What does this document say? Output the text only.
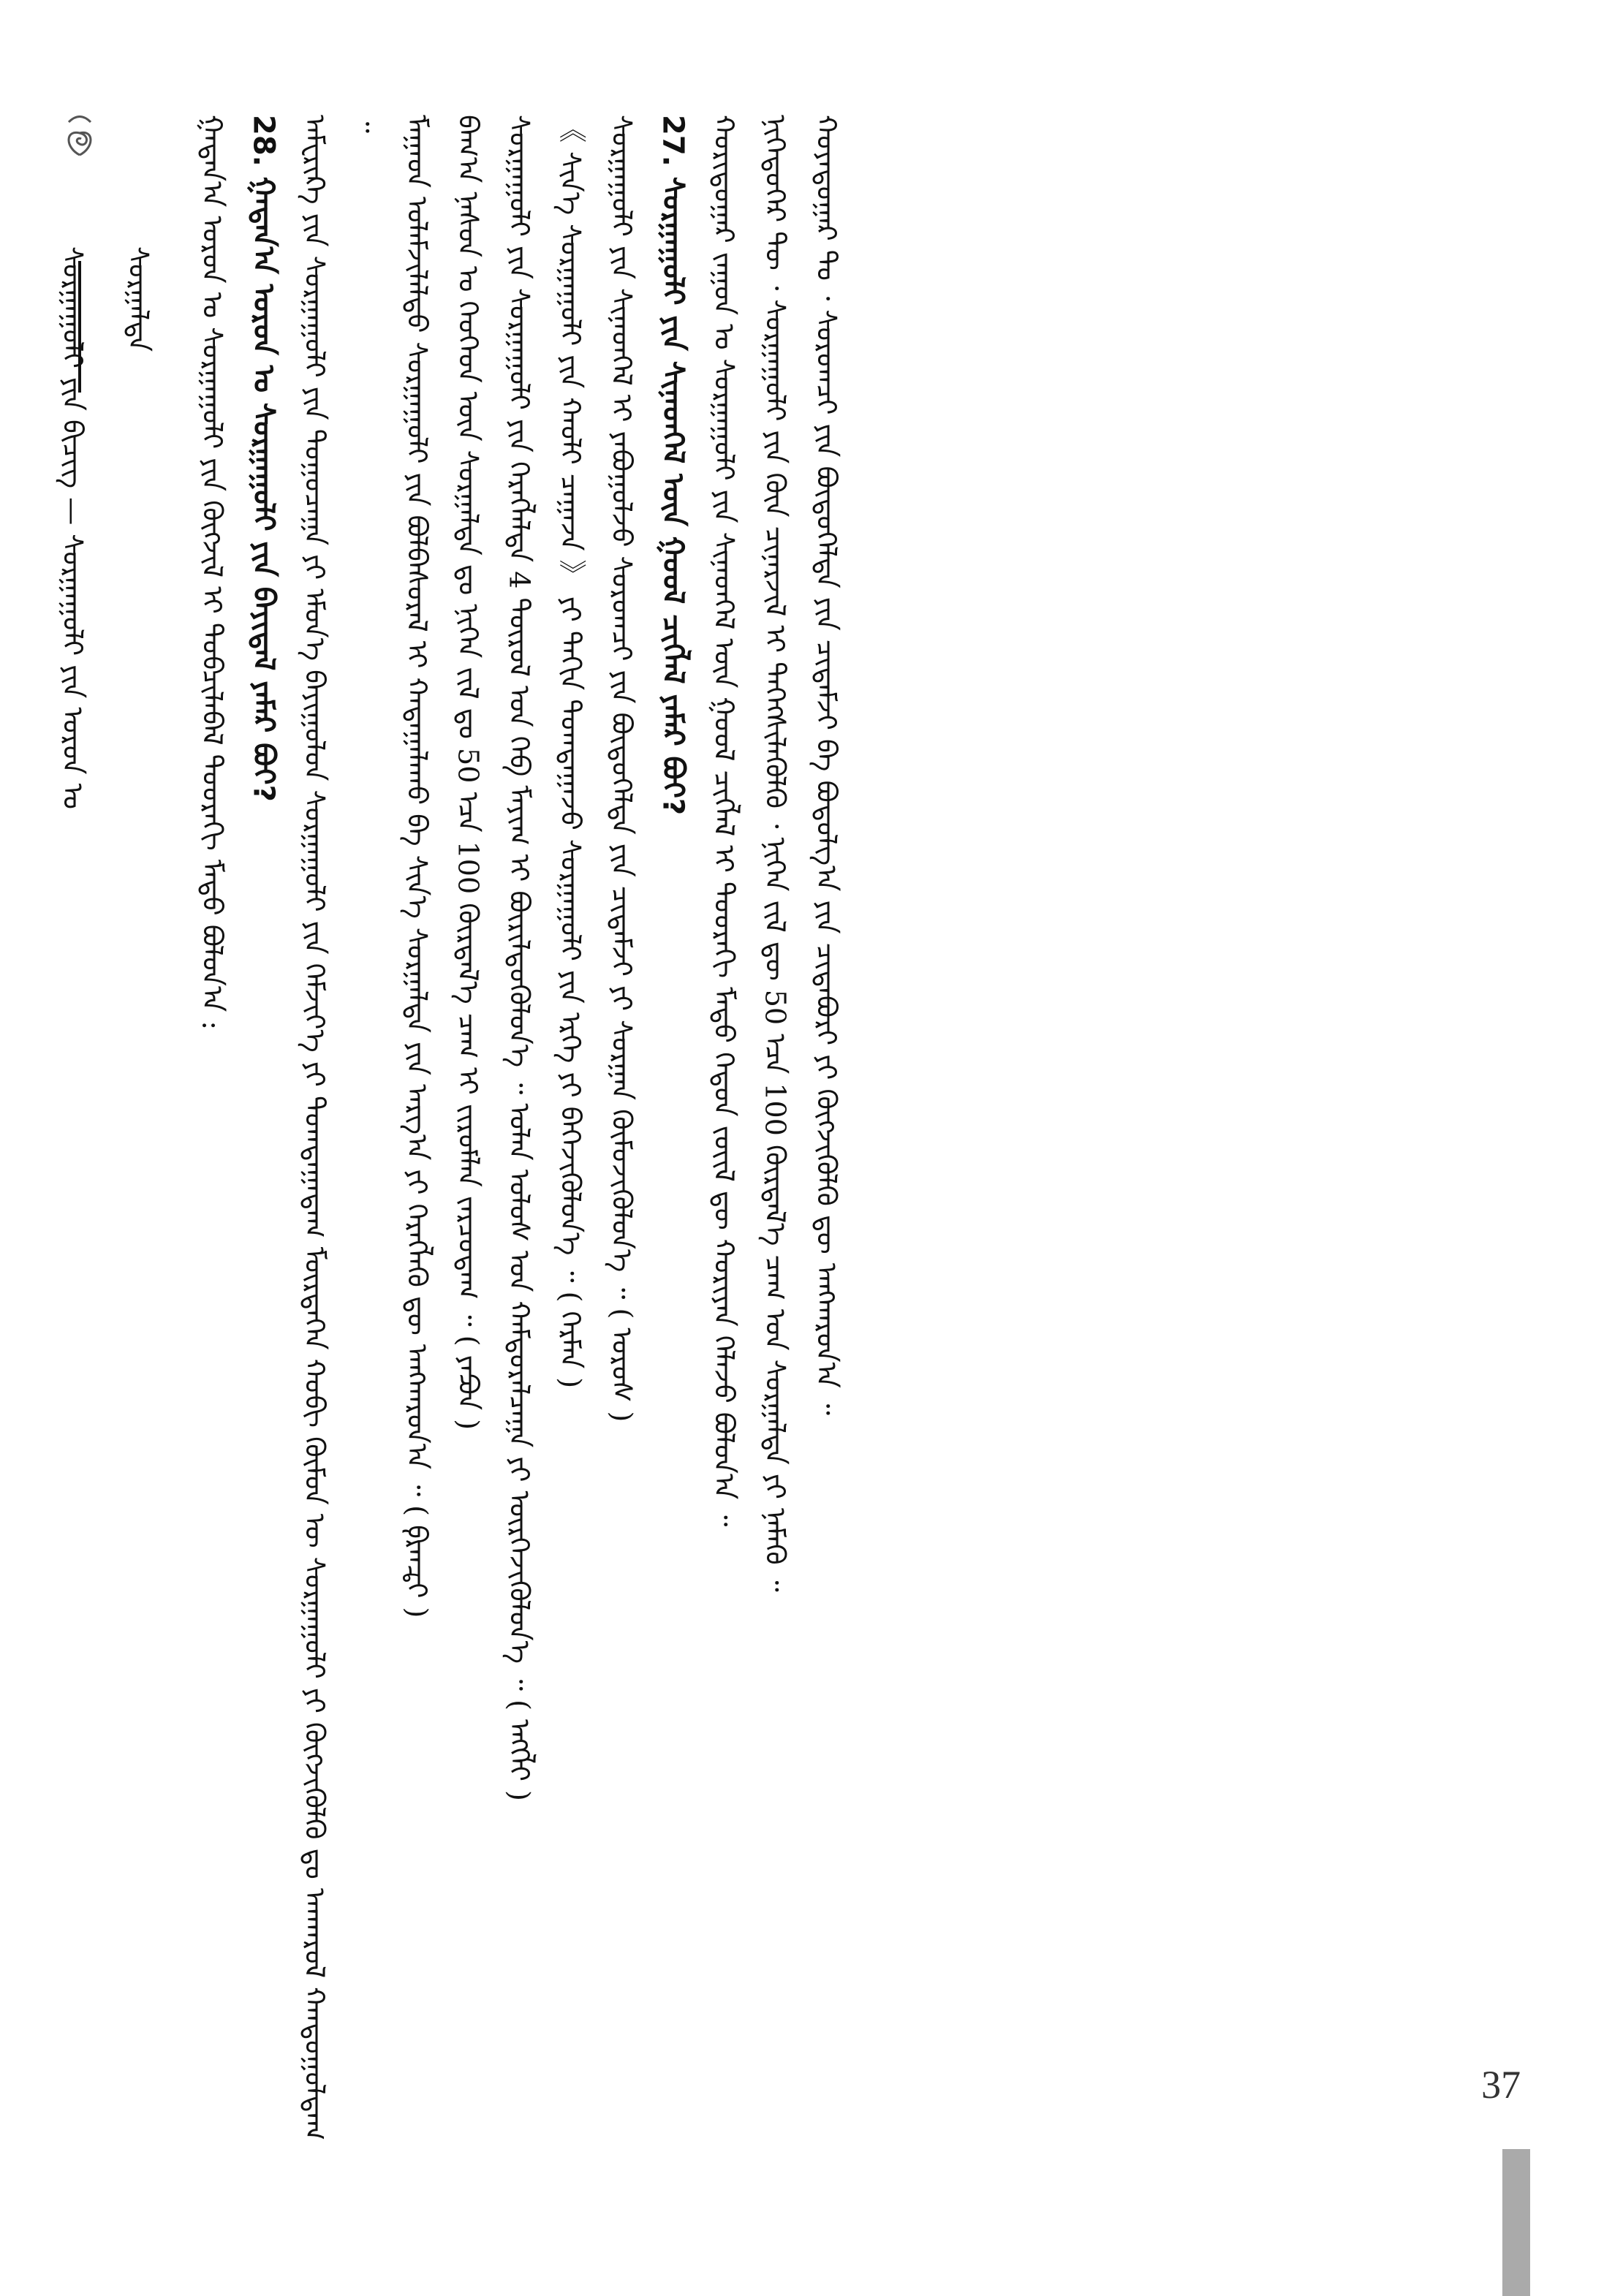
ᠰᠤᠷᠭᠠᠭᠤᠯᠢ ᠶᠢᠨ ᠪᠢᠴᠢᠭ — ᠰᠤᠷᠭᠠᠭᠤᠯᠢ ᠶᠢᠨ ᠤᠷᠤᠨ ᠤ ᠰᠤᠷᠭᠠᠯᠲᠠ	ᠭᠠᠳᠠᠨ᠎ᠠ ᠣᠷᠤᠨ ᠤ ᠰᠤᠷᠭᠠᠭᠤᠯᠢ ᠶᠢᠨ ᠬᠦᠭᠵᠢᠯ ᠢ ᠲᠣᠪᠴᠢᠯᠠᠪᠠᠯ ᠳᠣᠣᠷᠠᠬᠢ ᠮᠡᠲᠦ ᠪᠣᠯᠤᠨ᠎ᠠ : 28. ᠭᠠᠳᠠᠨ᠎ᠠ ᠣᠷᠤᠨ ᠤ ᠰᠤᠷᠭᠠᠭᠤᠯᠢ ᠶᠢᠨ ᠪᠠᠶᠢᠳᠠᠯ ᠶᠠᠮᠠᠷ ᠪᠤᠢ? ᠠᠮᠸᠷᠢᠺᠠ ᠶᠢᠨ ᠰᠤᠷᠭᠠᠭᠤᠯᠢ ᠶᠢᠨ ᠲᠣᠭᠣᠴᠠᠭᠠ ᠶᠢ ᠡᠮᠦᠨ᠎ᠡ ᠪᠠᠶᠢᠭᠤᠯᠤᠨ ᠰᠤᠷᠭᠠᠭᠤᠯᠢ ᠶᠢᠨ ᠬᠡᠮᠵᠢᠶ᠎ᠡ ᠶᠢ ᠲᠣᠭᠲᠠᠭᠠᠳᠠᠭ ᠮᠦᠷᠲᠡᠭᠡᠨ ᠬᠤᠪᠢ ᠬᠦᠮᠦᠨ ᠦ ᠰᠤᠷᠭᠠᠭᠤᠯᠢ ᠶᠢ ᠬᠥᠭᠵᠢᠭᠦᠯᠬᠦ ᠳᠤ ᠠᠨᠬᠠᠷᠤᠯ ᠬᠠᠨᠳᠤᠭᠤᠯᠳᠠᠭ ᠃ ᠮᠠᠭᠠᠳ ᠤᠯᠠᠮᠵᠢᠯᠠᠯᠲᠤ ᠰᠤᠷᠭᠠᠭᠤᠯᠢ ᠶᠢᠨ ᠪᠣᠯᠪᠠᠰᠤᠷᠠᠯ ᠢ ᠬᠠᠳᠠᠭᠠᠯᠠᠬᠤ ᠪᠠ ᠰᠢᠨ᠎ᠡ ᠰᠤᠷᠭᠠᠯᠲᠠ ᠶᠢᠨ ᠠᠷᠭ᠎ᠠ ᠶᠢ ᠬᠡᠷᠡᠭᠯᠡᠬᠦ ᠳᠦ ᠠᠩᠬᠠᠷᠤᠨ᠎ᠠ ᠃ ( ᠹᠷᠠᠨᠼᠢ ) ᠪᠠᠭ᠎ᠠ ᠨᠠᠰᠤᠨ ᠤ ᠬᠡᠦᠬᠡᠳ ᠦᠨ ᠰᠤᠷᠭᠠᠯᠲᠠ ᠳᠤ ᠨᠢᠭᠡᠨ ᠵᠢᠯ ᠳᠤ 50 ᠡᠴᠡ 100 ᠬᠦᠷᠲᠡᠯ᠎ᠡ ᠴᠠᠭ ᠢ ᠵᠢᠷᠤᠮᠯᠠᠨ ᠵᠠᠷᠴᠤᠳᠠᠭ ᠃ ( ᠶᠠᠫᠣᠨ ) ᠰᠤᠷᠭᠠᠭᠤᠯᠢ ᠶᠢᠨ ᠰᠤᠷᠭᠠᠭᠤᠯᠢ ᠶᠢᠨ ᠬᠡᠷᠡᠭᠯᠡᠯᠲᠡ 4 ᠲᠥᠷᠥᠯ ᠤᠨ ᠬᠡᠪ ᠮᠠᠶᠢᠭ ᠢ ᠪᠦᠷᠢᠯᠳᠦᠭᠦᠯᠦᠨ᠎ᠡ ᠃ ᠣᠯᠠᠨ ᠤᠯᠤᠰ ᠤᠨ ᠬᠠᠮᠲᠤᠷᠠᠯᠴᠠᠭᠠ ᠶᠢ ᠥᠷᠭᠡᠵᠢᠭᠦᠯᠦᠨ᠎ᠡ ᠃ ( ᠡᠩᠭᠯᠢ ) 《 ᠰᠢᠨ᠎ᠡ ᠰᠤᠷᠭᠠᠭᠤᠯᠢ ᠶᠢᠨ ᠬᠠᠤᠯᠢ ᠴᠠᠭᠠᠵᠠ 》 ᠶᠢ ᠲᠠᠬᠢᠨ ᠲᠣᠭᠲᠠᠭᠠᠵᠤ ᠰᠤᠷᠭᠠᠭᠤᠯᠢ ᠶᠢᠨ ᠡᠷᠬᠡ ᠶᠢ ᠪᠡᠬᠡᠵᠢᠭᠦᠯᠦᠨ᠎ᠡ ᠃ ( ᠭᠡᠷᠮᠠᠨ ) ᠰᠤᠷᠭᠠᠭᠤᠯᠢ ᠶᠢᠨ ᠰᠢᠨᠡᠳᠬᠡᠯ ᠢ ᠶᠠᠪᠤᠭᠤᠯᠵᠤ ᠰᠤᠷᠤᠭᠴᠢ ᠶᠢᠨ ᠪᠦᠲᠦᠭᠡᠯᠲᠡ ᠶᠢᠨ ᠴᠢᠳᠠᠮᠵᠢ ᠶᠢ ᠰᠤᠷᠭᠠᠨ ᠬᠥᠮᠦᠵᠢᠭᠦᠯᠦᠨ᠎ᠡ ᠃ ( ᠣᠷᠤᠰ ) 27. ᠰᠤᠷᠭᠠᠭᠤᠯᠢ ᠶᠢᠨ ᠰᠢᠨᠡᠳᠬᠡᠯ ᠦᠨ ᠭᠣᠣᠯ ᠴᠢᠭᠯᠡᠯ ᠶᠠᠮᠠᠷ ᠪᠤᠢ? ᠬᠣᠷᠢᠳᠤᠭᠠᠷ ᠵᠠᠭᠤᠨ ᠤ ᠰᠤᠷᠭᠠᠭᠤᠯᠢ ᠶᠢᠨ ᠰᠢᠨᠡᠳᠬᠡᠯ ᠦᠨ ᠭᠣᠣᠯ ᠴᠢᠭᠯᠡᠯ ᠢ ᠳᠣᠣᠷᠠᠬᠢ ᠮᠡᠲᠦ ᠬᠡᠳᠦᠨ ᠵᠦᠢᠯ ᠳᠦ ᠬᠤᠷᠢᠶᠠᠨ ᠬᠡᠯᠡᠵᠦ ᠪᠣᠯᠤᠨ᠎ᠠ ᠃ ᠨᠢᠭᠡᠳᠦᠭᠡᠷ ᠲᠦ ᠂ ᠰᠤᠷᠭᠠᠭᠤᠯᠢ ᠶᠢᠨ ᠬᠦᠨ ᠴᠢᠨᠠᠷᠵᠢᠯ ᠢ ᠳᠡᠭᠡᠭᠰᠢᠯᠡᠭᠦᠯᠬᠦ ᠂ ᠨᠢᠭᠡᠨ ᠵᠢᠯ ᠳᠦ 50 ᠡᠴᠡ 100 ᠬᠦᠷᠲᠡᠯ᠎ᠡ ᠴᠠᠭ ᠤᠨ ᠰᠤᠷᠭᠠᠯᠲᠠ ᠶᠢ ᠨᠡᠮᠡᠬᠦ ᠃ ᠬᠣᠶᠠᠳᠤᠭᠠᠷ ᠲᠤ ᠂ ᠰᠤᠷᠤᠭᠴᠢ ᠶᠢᠨ ᠪᠦᠲᠦᠭᠡᠯᠲᠡ ᠶᠢᠨ ᠴᠢᠳᠠᠮᠵᠢ ᠪᠠ ᠪᠣᠳᠤᠯᠭ᠎ᠠ ᠶᠢᠨ ᠴᠢᠳᠠᠪᠤᠷᠢ ᠶᠢ ᠬᠥᠭᠵᠢᠭᠦᠯᠬᠦ ᠳᠦ ᠠᠩᠬᠠᠷᠤᠨ᠎ᠠ ᠃

37
